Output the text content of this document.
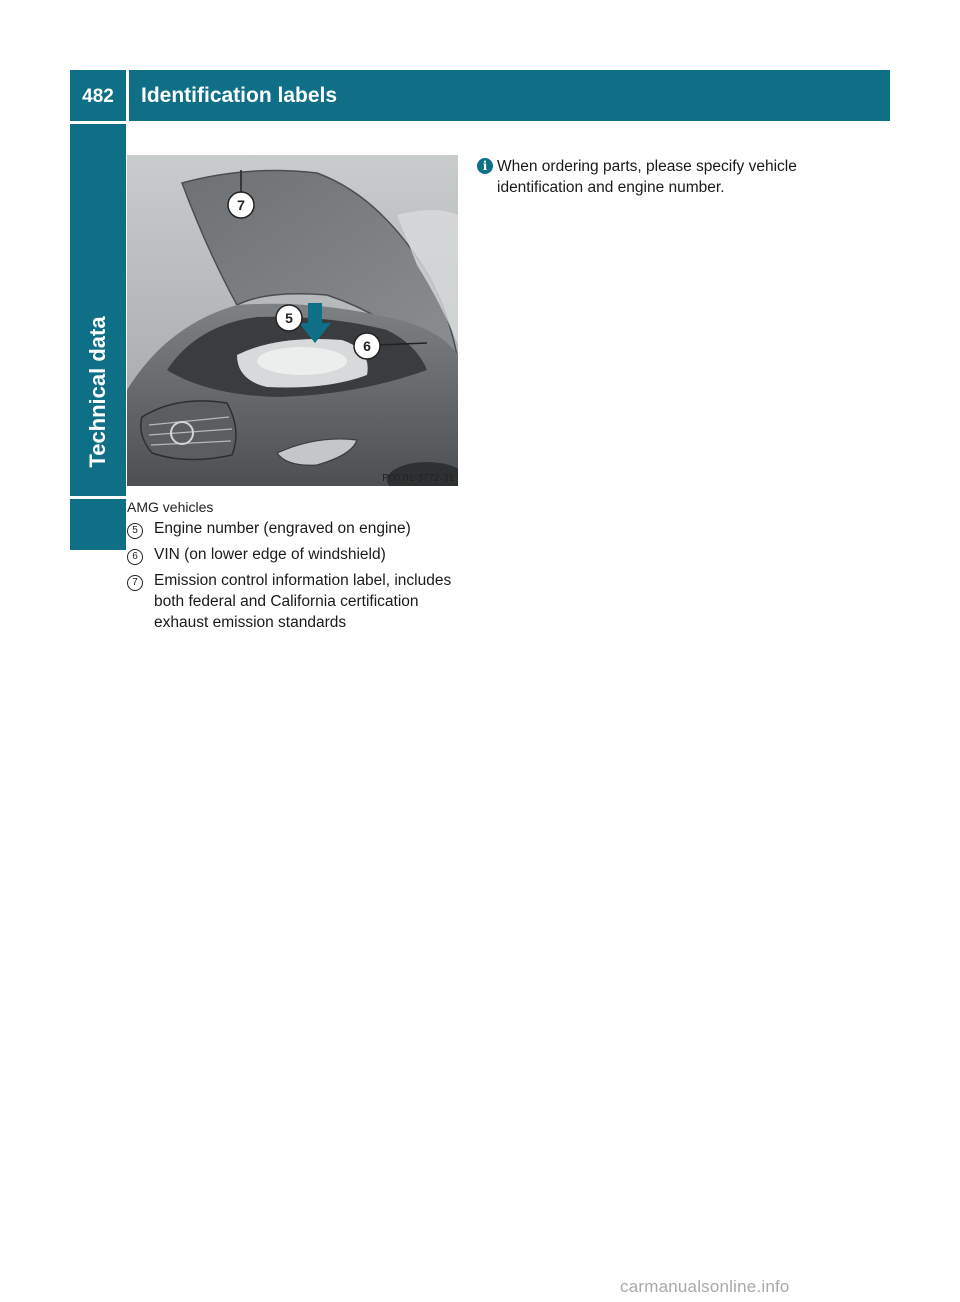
482	Identification labels
Technical data
7
5
6
P00.01-3772-31
AMG vehicles
5	Engine number (engraved on engine)
6	VIN (on lower edge of windshield)
7	Emission control information label, includes both federal and California certification exhaust emission standards
i When ordering parts, please specify vehicle identification and engine number.
carmanualsonline.info
